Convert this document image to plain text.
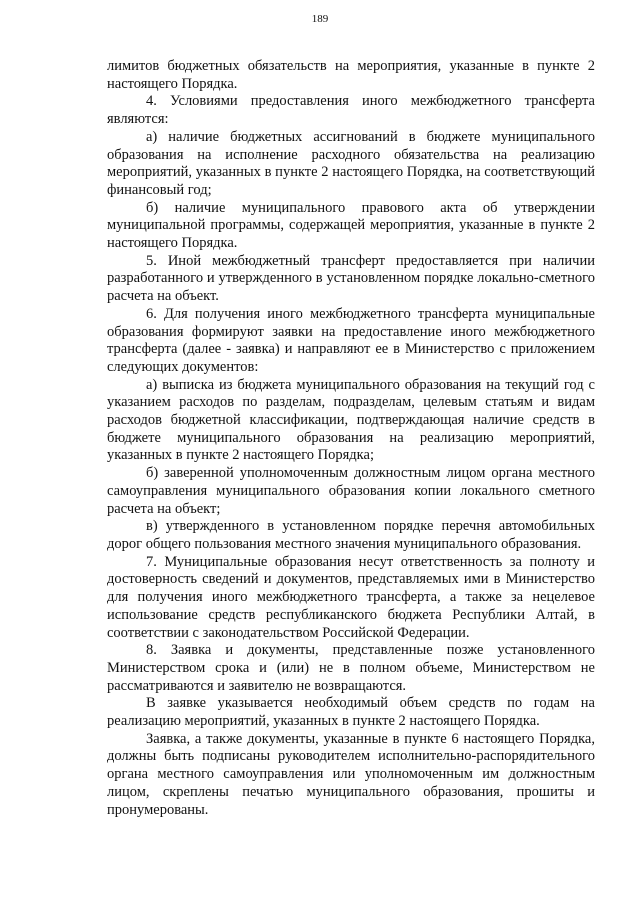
189

лимитов бюджетных обязательств на мероприятия, указанные в пункте 2 настоящего Порядка.

4. Условиями предоставления иного межбюджетного трансферта являются:

а) наличие бюджетных ассигнований в бюджете муниципального образования на исполнение расходного обязательства на реализацию мероприятий, указанных в пункте 2 настоящего Порядка, на соответствующий финансовый год;

б) наличие муниципального правового акта об утверждении муниципальной программы, содержащей мероприятия, указанные в пункте 2 настоящего Порядка.

5. Иной межбюджетный трансферт предоставляется при наличии разработанного и утвержденного в установленном порядке локально-сметного расчета на объект.

6. Для получения иного межбюджетного трансферта муниципальные образования формируют заявки на предоставление иного межбюджетного трансферта (далее - заявка) и направляют ее в Министерство с приложением следующих документов:

а) выписка из бюджета муниципального образования на текущий год с указанием расходов по разделам, подразделам, целевым статьям и видам расходов бюджетной классификации, подтверждающая наличие средств в бюджете муниципального образования на реализацию мероприятий, указанных в пункте 2 настоящего Порядка;

б) заверенной уполномоченным должностным лицом органа местного самоуправления муниципального образования копии локального сметного расчета на объект;

в) утвержденного в установленном порядке перечня автомобильных дорог общего пользования местного значения муниципального образования.

7. Муниципальные образования несут ответственность за полноту и достоверность сведений и документов, представляемых ими в Министерство для получения иного межбюджетного трансферта, а также за нецелевое использование средств республиканского бюджета Республики Алтай, в соответствии с законодательством Российской Федерации.

8. Заявка и документы, представленные позже установленного Министерством срока и (или) не в полном объеме, Министерством не рассматриваются и заявителю не возвращаются.

В заявке указывается необходимый объем средств по годам на реализацию мероприятий, указанных в пункте 2 настоящего Порядка.

Заявка, а также документы, указанные в пункте 6 настоящего Порядка, должны быть подписаны руководителем исполнительно-распорядительного органа местного самоуправления или уполномоченным им должностным лицом, скреплены печатью муниципального образования, прошиты и пронумерованы.
